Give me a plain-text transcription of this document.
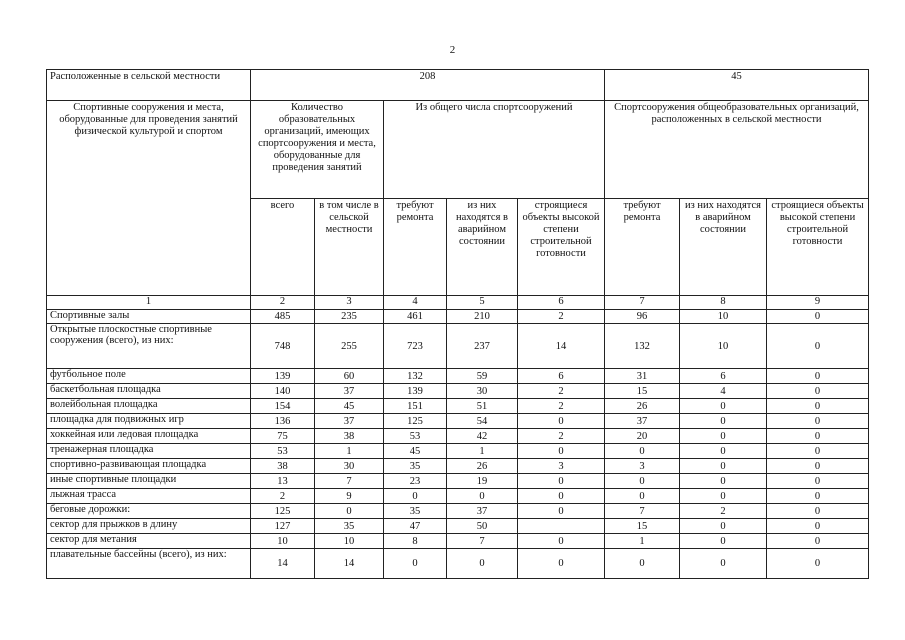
2
Расположенные в сельской местности	208					45		
Спортивные сооружения и места, оборудованные для проведения занятий физической культурой и спортом	Количество образовательных организаций, имеющих спортсооружения и места, оборудованные для проведения занятий		Из общего числа спортсооружений			Спортсооружения общеобразовательных организаций, расположенных в сельской местности		
	всего	в том числе в сельской местности	требуют ремонта	из них находятся в аварийном состоянии	строящиеся объекты высокой степени строительной готовности	требуют ремонта	из них находятся в аварийном состоянии	строящиеся объекты высокой степени строительной готовности
1	2	3	4	5	6	7	8	9
Спортивные залы	485	235	461	210	2	96	10	0
Открытые плоскостные спортивные сооружения (всего), из них:	748	255	723	237	14	132	10	0
футбольное поле	139	60	132	59	6	31	6	0
баскетбольная площадка	140	37	139	30	2	15	4	0
волейбольная площадка	154	45	151	51	2	26	0	0
площадка для подвижных игр	136	37	125	54	0	37	0	0
хоккейная или ледовая площадка	75	38	53	42	2	20	0	0
тренажерная площадка	53	1	45	1	0	0	0	0
спортивно-развивающая площадка	38	30	35	26	3	3	0	0
иные спортивные площадки	13	7	23	19	0	0	0	0
лыжная трасса	2	9	0	0	0	0	0	0
беговые дорожки:	125	0	35	37	0	7	2	0
сектор для прыжков в длину	127	35	47	50		15	0	0
сектор для метания	10	10	8	7	0	1	0	0
плавательные бассейны (всего), из них:	14	14	0	0	0	0	0	0
